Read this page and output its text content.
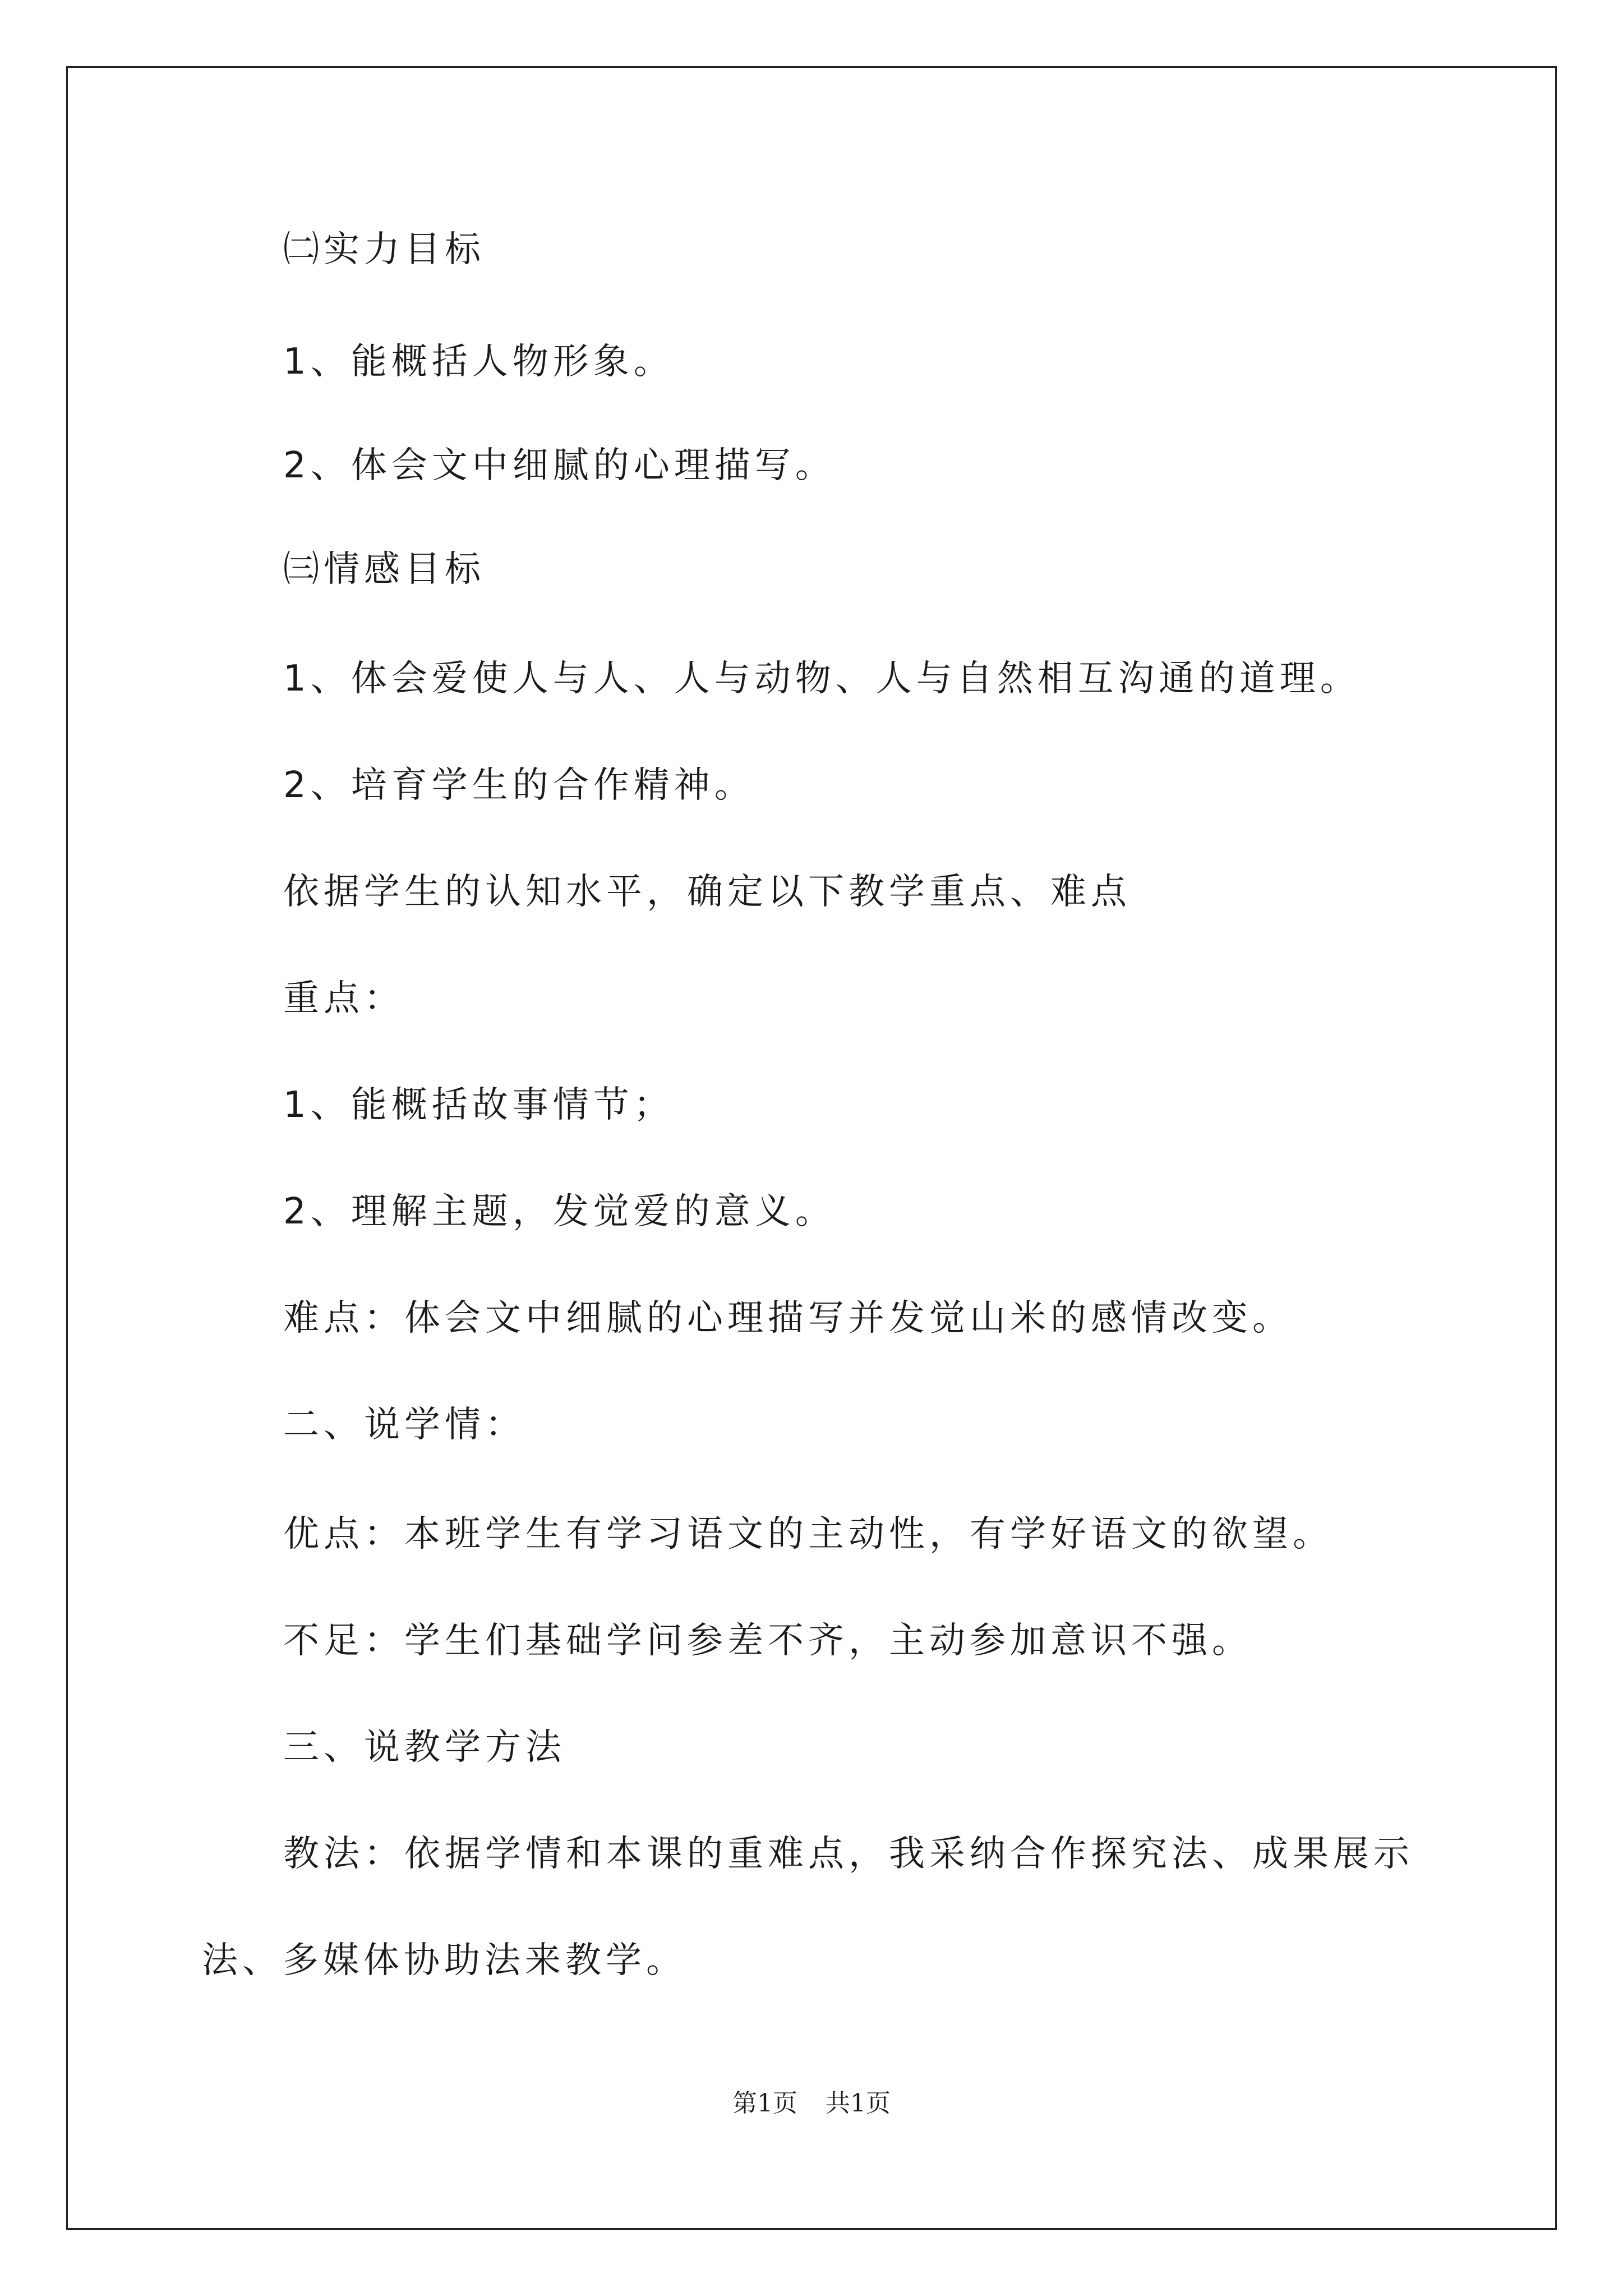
㈡实力目标
1、能概括人物形象。
2、体会文中细腻的心理描写。
㈢情感目标
1、体会爱使人与人、人与动物、人与自然相互沟通的道理。
2、培育学生的合作精神。
依据学生的认知水平，确定以下教学重点、难点
重点：
1、能概括故事情节；
2、理解主题，发觉爱的意义。
难点：体会文中细腻的心理描写并发觉山米的感情改变。
二、说学情：
优点：本班学生有学习语文的主动性，有学好语文的欲望。
不足：学生们基础学问参差不齐，主动参加意识不强。
三、说教学方法
教法：依据学情和本课的重难点，我采纳合作探究法、成果展示
法、多媒体协助法来教学。
第1页 共1页
